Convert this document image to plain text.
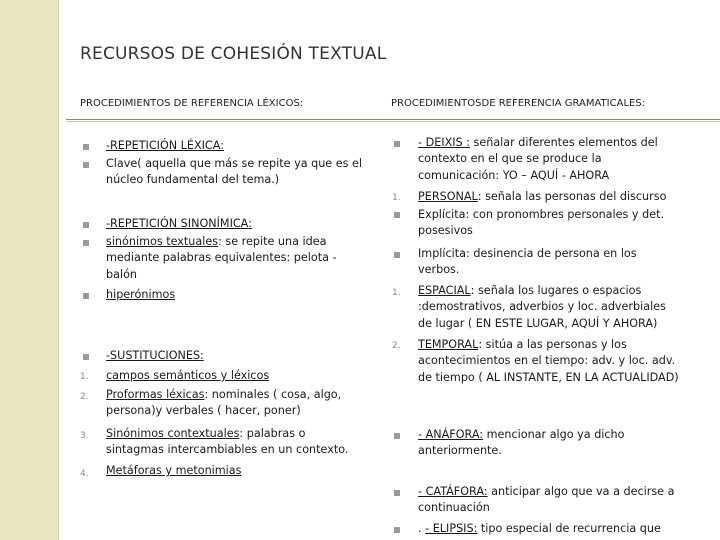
RECURSOS DE COHESIÓN TEXTUAL
PROCEDIMIENTOS DE REFERENCIA LÉXICOS:	PROCEDIMIENTOSDE REFERENCIA GRAMATICALES:
-REPETICIÓN LÉXICA:
Clave( aquella que más se repite ya que es el núcleo fundamental del tema.)
-REPETICIÓN SINONÍMICA:
sinónimos textuales: se repite una idea mediante palabras equivalentes: pelota - balón
hiperónimos
-SUSTITUCIONES:
1. campos semánticos y léxicos
2. Proformas léxicas: nominales ( cosa, algo, persona)y verbales ( hacer, poner)
3. Sinónimos contextuales: palabras o sintagmas intercambiables en un contexto.
4. Metáforas y metonimias
- DEIXIS : señalar diferentes elementos del contexto en el que se produce la comunicación: YO – AQUÍ - AHORA
1. PERSONAL: señala las personas del discurso
Explícita: con pronombres personales y det. posesivos
Implícita: desinencia de persona en los verbos.
1. ESPACIAL: señala los lugares o espacios :demostrativos, adverbios y loc. adverbiales de lugar ( EN ESTE LUGAR, AQUÍ Y AHORA)
2. TEMPORAL: sitúa a las personas y los acontecimientos en el tiempo: adv. y loc. adv. de tiempo ( AL INSTANTE, EN LA ACTUALIDAD)
- ANÁFORA: mencionar algo ya dicho anteriormente.
- CATÁFORA: anticipar algo que va a decirse a continuación
. - ELIPSIS: tipo especial de recurrencia que
